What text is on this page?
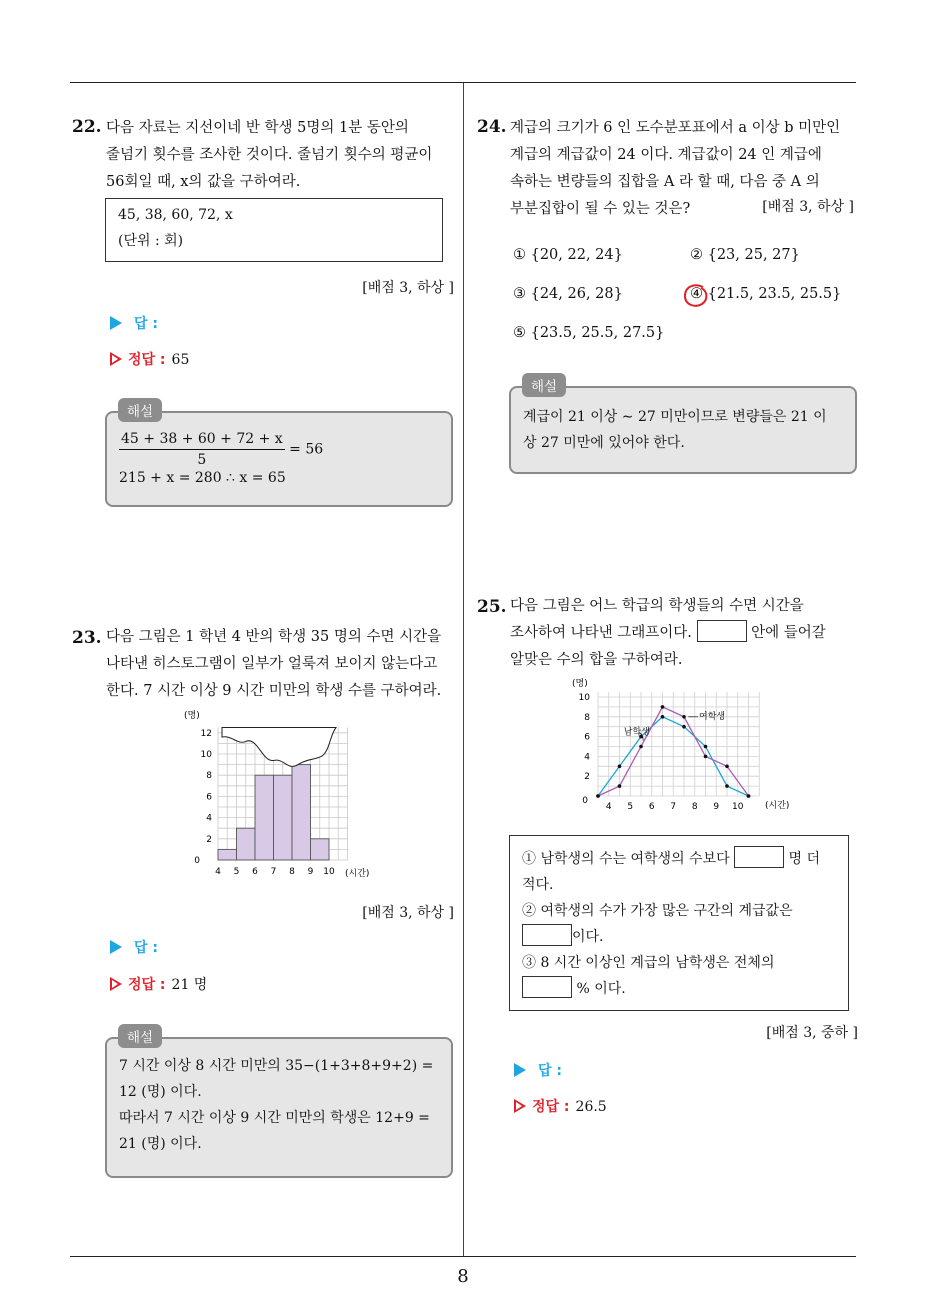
8
22. 다음 자료는 지선이네 반 학생 5명의 1분 동안의
줄넘기 횟수를 조사한 것이다. 줄넘기 횟수의 평균이
56회일 때, x의 값을 구하여라.
45, 38, 60, 72, x
(단위 : 회)
[배점 3, 하상 ]
답 :
정답 : 65
$\frac{45 + 38 + 60 + 72 + x}{5} = 56$
215 + x = 280 ∴ x = 65
해설
23. 다음 그림은 1 학년 4 반의 학생 35 명의 수면 시간을
나타낸 히스토그램이 일부가 얼룩져 보이지 않는다고
한다. 7 시간 이상 9 시간 미만의 학생 수를 구하여라.
0
2
4
6
8
10
12
4 5 6 7 8 9 10
(명)
(시간)
[배점 3, 하상 ]
답 :
정답 : 21 명
7 시간 이상 8 시간 미만의 35−(1+3+8+9+2) =
12 (명) 이다.
따라서 7 시간 이상 9 시간 미만의 학생은 12+9 =
21 (명) 이다.
해설
24. 계급의 크기가 6 인 도수분포표에서 a 이상 b 미만인
계급의 계급값이 24 이다. 계급값이 24 인 계급에
속하는 변량들의 집합을 A 라 할 때, 다음 중 A 의
부분집합이 될 수 있는 것은?	[배점 3, 하상 ]
① {20, 22, 24}	② {23, 25, 27}
③ {24, 26, 28}	④ {21.5, 23.5, 25.5}
⑤ {23.5, 25.5, 27.5}
계급이 21 이상 ∼ 27 미만이므로 변량들은 21 이
상 27 미만에 있어야 한다.
해설
25. 다음 그림은 어느 학급의 학생들의 수면 시간을
조사하여 나타낸 그래프이다.	안에 들어갈
알맞은 수의 합을 구하여라.
0
2
4
6
8
10
4 5 6 7 8 9 10
남학생
여학생
(명)
(시간)
① 남학생의 수는 여학생의 수보다	명 더
적다.
② 여학생의 수가 가장 많은 구간의 계급값은
이다.
③ 8 시간 이상인 계급의 남학생은 전체의
% 이다.
[배점 3, 중하 ]
답 :
정답 : 26.5
